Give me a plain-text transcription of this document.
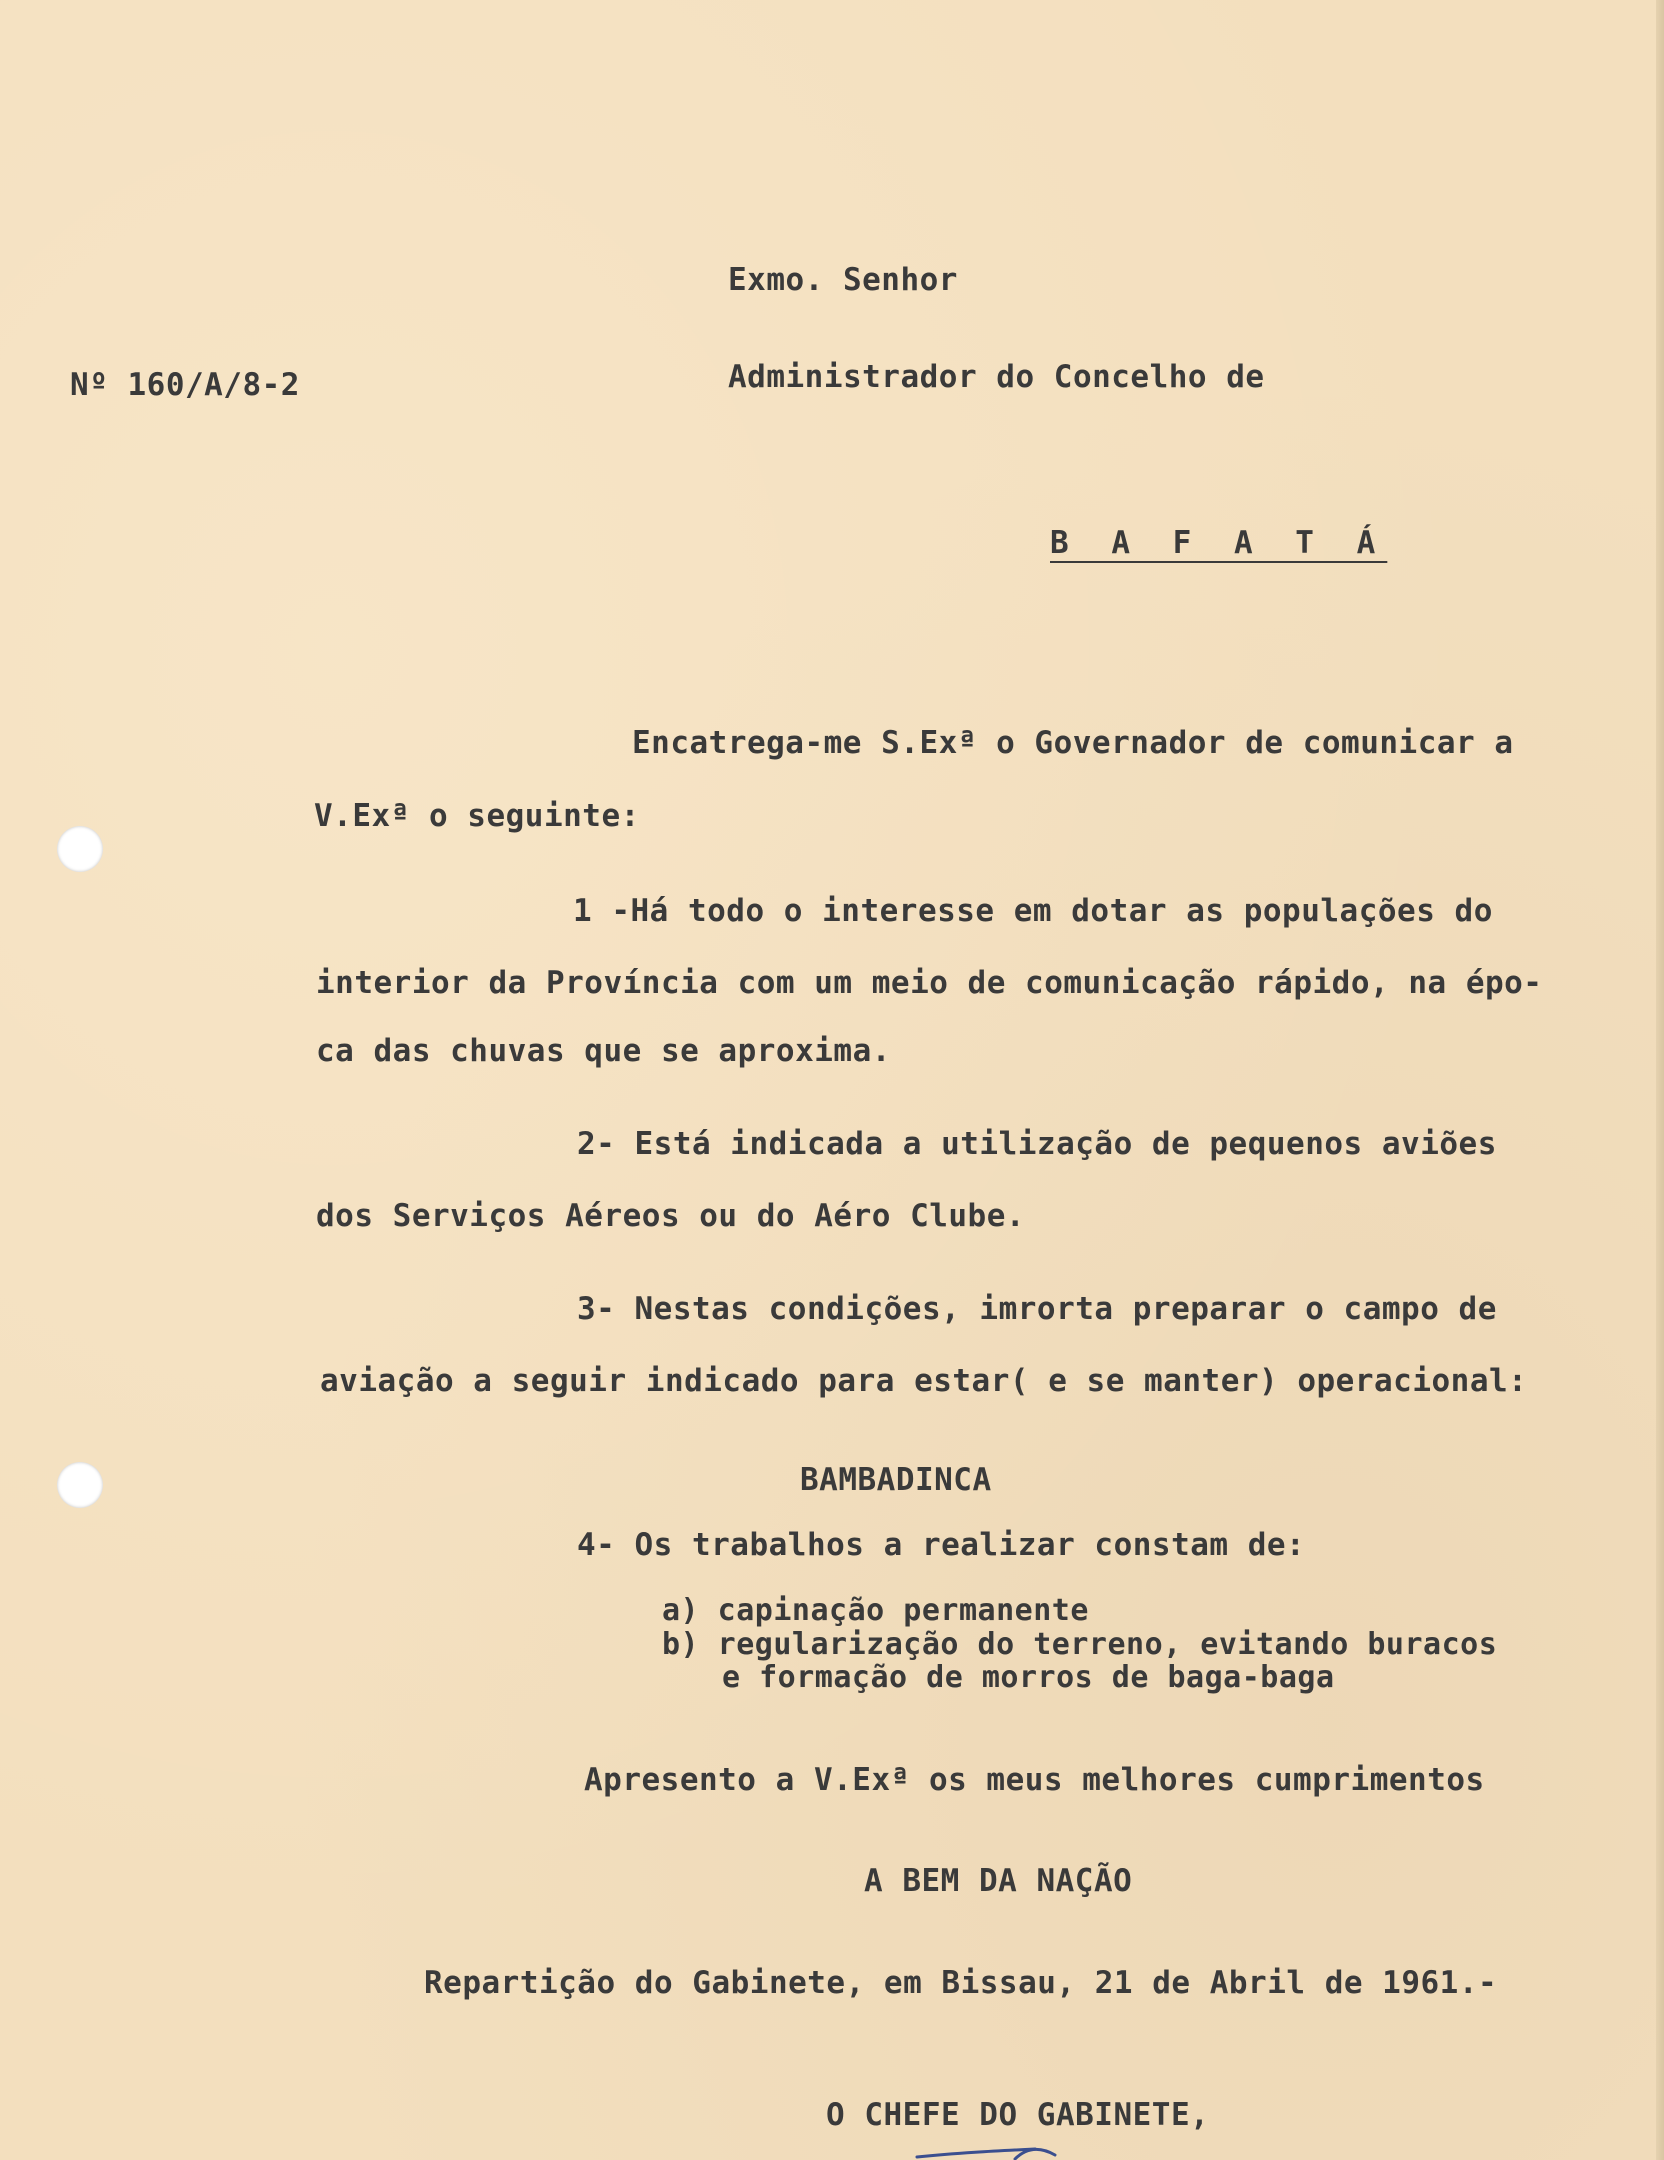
Exmo. Senhor
Nº 160/A/8-2	Administrador do Concelho de
B A F A T Á
Encatrega-me S.Exª o Governador de comunicar a
V.Exª o seguinte:
1 -Há todo o interesse em dotar as populações do
interior da Província com um meio de comunicação rápido, na épo-
ca das chuvas que se aproxima.
2- Está indicada a utilização de pequenos aviões
dos Serviços Aéreos ou do Aéro Clube.
3- Nestas condições, imrorta preparar o campo de
aviação a seguir indicado para estar( e se manter) operacional:
BAMBADINCA
4- Os trabalhos a realizar constam de:
a) capinação permanente
b) regularização do terreno, evitando buracos
e formação de morros de baga-baga
Apresento a V.Exª os meus melhores cumprimentos
A BEM DA NAÇÃO
Repartição do Gabinete, em Bissau, 21 de Abril de 1961.-
O CHEFE DO GABINETE,
